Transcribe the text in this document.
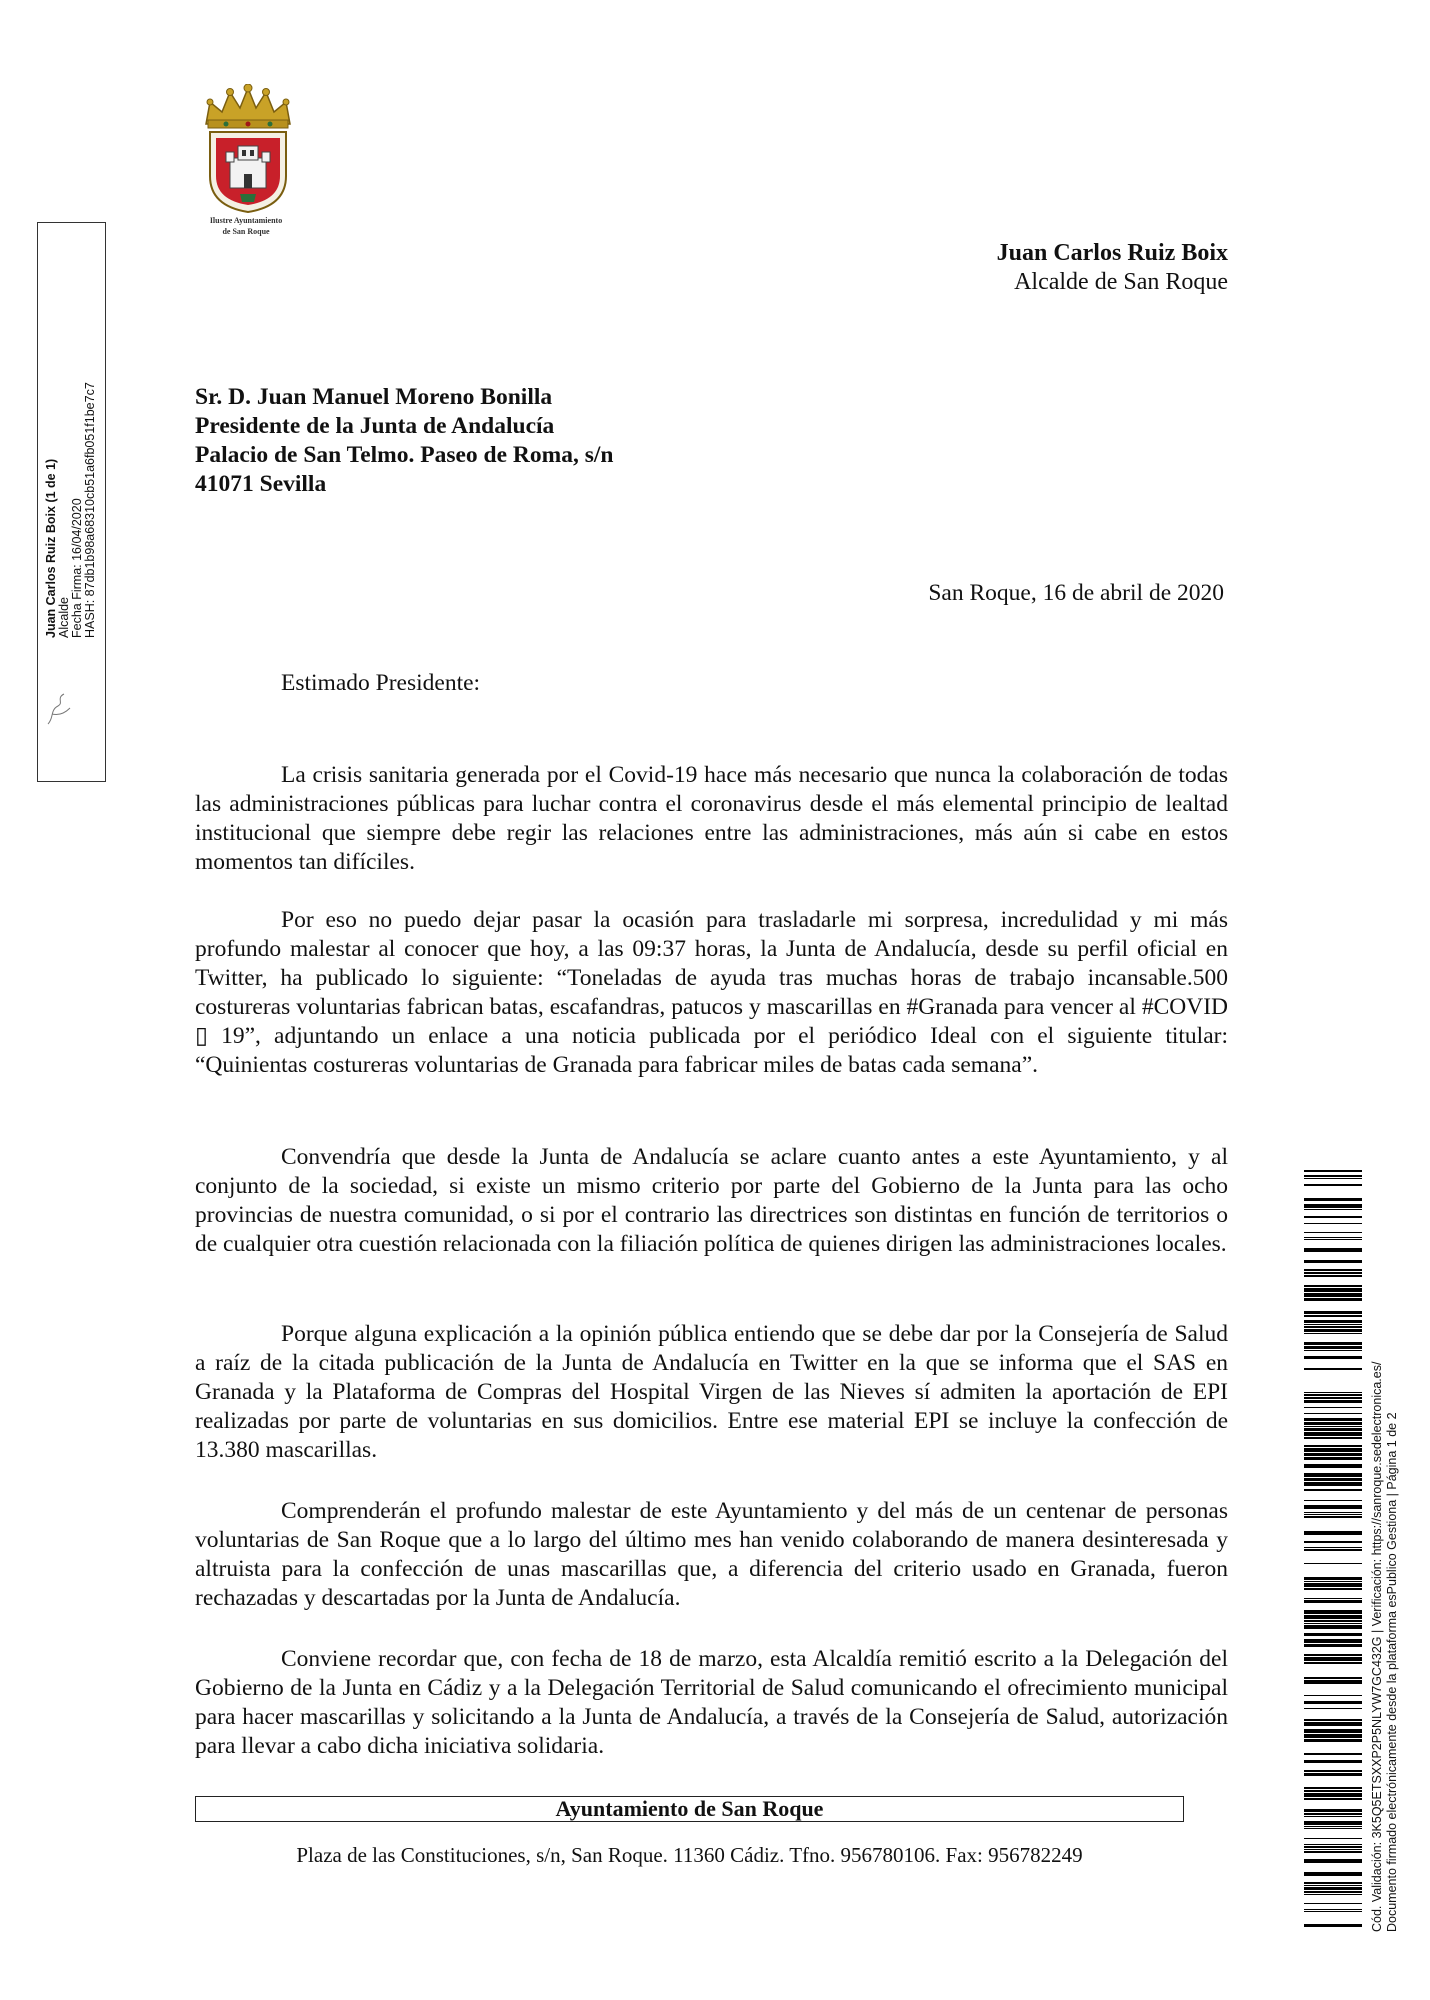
Ilustre Ayuntamiento
de San Roque
Juan Carlos Ruiz Boix
Alcalde de San Roque
Sr. D. Juan Manuel Moreno Bonilla
Presidente de la Junta de Andalucía
Palacio de San Telmo. Paseo de Roma, s/n
41071 Sevilla
San Roque, 16 de abril de 2020
Estimado Presidente:
La crisis sanitaria generada por el Covid-19 hace más necesario que nunca la colaboración de todas las administraciones públicas para luchar contra el coronavirus desde el más elemental principio de lealtad institucional que siempre debe regir las relaciones entre las administraciones, más aún si cabe en estos momentos tan difíciles.
Por eso no puedo dejar pasar la ocasión para trasladarle mi sorpresa, incredulidad y mi más profundo malestar al conocer que hoy, a las 09:37 horas, la Junta de Andalucía, desde su perfil oficial en Twitter, ha publicado lo siguiente: “Toneladas de ayuda tras muchas horas de trabajo incansable.500 costureras voluntarias fabrican batas, escafandras, patucos y mascarillas en #Granada para vencer al #COVID ▯ 19”, adjuntando un enlace a una noticia publicada por el periódico Ideal con el siguiente titular: “Quinientas costureras voluntarias de Granada para fabricar miles de batas cada semana”.
Convendría que desde la Junta de Andalucía se aclare cuanto antes a este Ayuntamiento, y al conjunto de la sociedad, si existe un mismo criterio por parte del Gobierno de la Junta para las ocho provincias de nuestra comunidad, o si por el contrario las directrices son distintas en función de territorios o de cualquier otra cuestión relacionada con la filiación política de quienes dirigen las administraciones locales.
Porque alguna explicación a la opinión pública entiendo que se debe dar por la Consejería de Salud a raíz de la citada publicación de la Junta de Andalucía en Twitter en la que se informa que el SAS en Granada y la Plataforma de Compras del Hospital Virgen de las Nieves sí admiten la aportación de EPI realizadas por parte de voluntarias en sus domicilios. Entre ese material EPI se incluye la confección de 13.380 mascarillas.
Comprenderán el profundo malestar de este Ayuntamiento y del más de un centenar de personas voluntarias de San Roque que a lo largo del último mes han venido colaborando de manera desinteresada y altruista para la confección de unas mascarillas que, a diferencia del criterio usado en Granada, fueron rechazadas y descartadas por la Junta de Andalucía.
Conviene recordar que, con fecha de 18 de marzo, esta Alcaldía remitió escrito a la Delegación del Gobierno de la Junta en Cádiz y a la Delegación Territorial de Salud comunicando el ofrecimiento municipal para hacer mascarillas y solicitando a la Junta de Andalucía, a través de la Consejería de Salud, autorización para llevar a cabo dicha iniciativa solidaria.
Ayuntamiento de San Roque
Plaza de las Constituciones, s/n, San Roque. 11360 Cádiz. Tfno. 956780106. Fax: 956782249
Juan Carlos Ruiz Boix (1 de 1) Alcalde Fecha Firma: 16/04/2020 HASH: 87db1b98a68310cb51a6fb051f1be7c7
Cód. Validación: 3K5Q5ETSXXP2P5NLYW7GC432G | Verificación: https://sanroque.sedelectronica.es/ Documento firmado electrónicamente desde la plataforma esPublico Gestiona | Página 1 de 2
